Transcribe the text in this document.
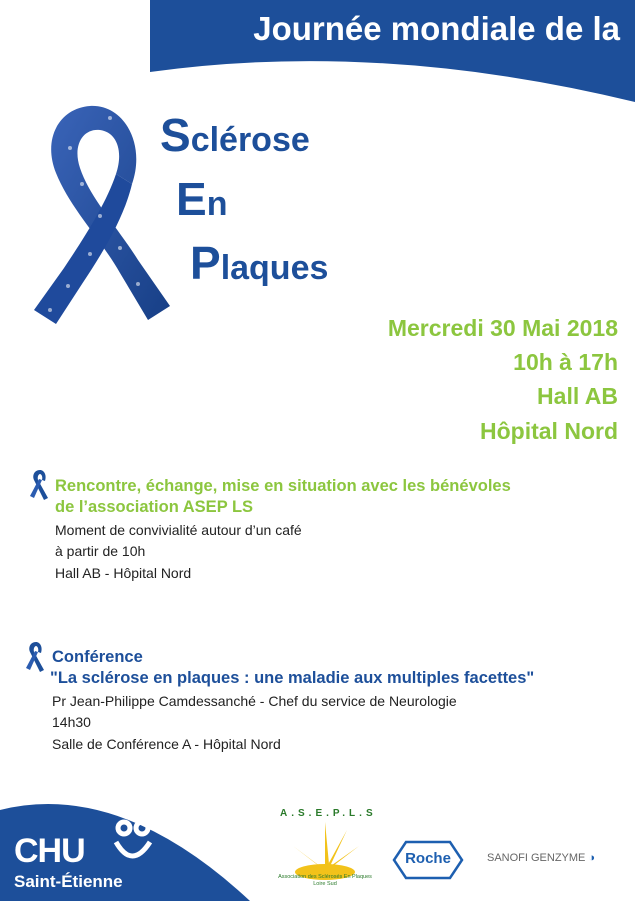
Journée mondiale de la
Sclérose
En
Plaques
Mercredi 30 Mai 2018
10h à 17h
Hall AB
Hôpital Nord
Rencontre, échange, mise en situation avec les bénévoles
de l’association ASEP LS
Moment de convivialité autour d’un café
à partir de 10h
Hall AB - Hôpital Nord
Conférence
"La sclérose en plaques : une maladie aux multiples facettes"
Pr Jean-Philippe Camdessanché - Chef du service de Neurologie
14h30
Salle de Conférence A - Hôpital Nord
CHU
Saint-Étienne
A.S.E.P.L.S
Association des Sclérosés En Plaques Loire Sud
Roche	SANOFI GENZYME ◑
